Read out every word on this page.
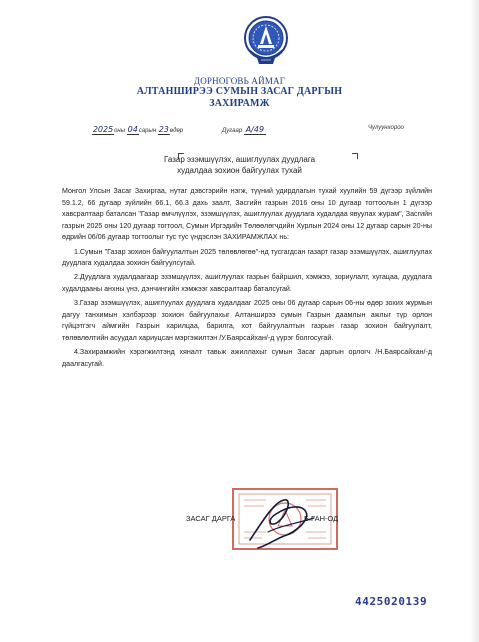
ДОРНОГОВЬ АЙМАГ
АЛТАНШИРЭЭ СУМЫН ЗАСАГ ДАРГЫН
ЗАХИРАМЖ
2025оны 04сарын 23өдөр	Дугаар А/49	Чулуунхороо
Газар эзэмшүүлэх, ашиглуулах дуудлага
худалдаа зохион байгуулах тухай

Монгол Улсын Засаг Захиргаа, нутаг дэвсгэрийн нэгж, түүний удирдлагын тухай хуулийн 59 дүгээр зүйлийн 59.1.2, 66 дугаар зүйлийн 66.1, 66.3 дахь заалт, Засгийн газрын 2016 оны 10 дугаар тогтоолын 1 дүгээр хавсралтаар баталсан "Газар өмчлүүлэх, эзэмшүүлэх, ашиглуулах дуудлага худалдаа явуулах журам", Засгийн газрын 2025 оны 120 дугаар тогтоол, Сумын Иргэдийн Төлөөлөгчдийн Хурлын 2024 оны 12 дугаар сарын 20-ны өдрийн 06/06 дугаар тогтоолыг тус тус үндэслэн ЗАХИРАМЖЛАХ нь:

1.Сумын "Газар зохион байгуулалтын 2025 төлөвлөгөө"-нд тусгагдсан газарт газар эзэмшүүлэх, ашиглуулах дуудлага худалдаа зохион байгуулсугай.

2.Дуудлага худалдаагаар эзэмшүүлэх, ашиглуулах газрын байршил, хэмжээ, зориулалт, хугацаа, дуудлага худалдааны анхны үнэ, дэнчингийн хэмжээг хавсралтаар баталсугай.

3.Газар эзэмшүүлэх, ашиглуулах дуудлага худалдааг 2025 оны 06 дугаар сарын 06-ны өдөр зохих журмын дагуу танхимын хэлбэрээр зохион байгуулахыг Алтанширээ сумын Газрын даамлын ажлыг түр орлон гүйцэтгэгч аймгийн Газрын харилцаа, барилга, хот байгуулалтын газрын газар зохион байгуулалт, төлөвлөлтийн асуудал хариуцсан мэргэжилтэн /У.Баярсайхан/-д үүрэг болгосугай.

4.Захирамжийн хэрэгжилтэнд хяналт тавьж ажиллахыг сумын Засаг даргын орлогч /Н.Баярсайхан/-д даалгасугай.

ЗАСАГ ДАРГА	Б.ГАН-ОД
4425020139
